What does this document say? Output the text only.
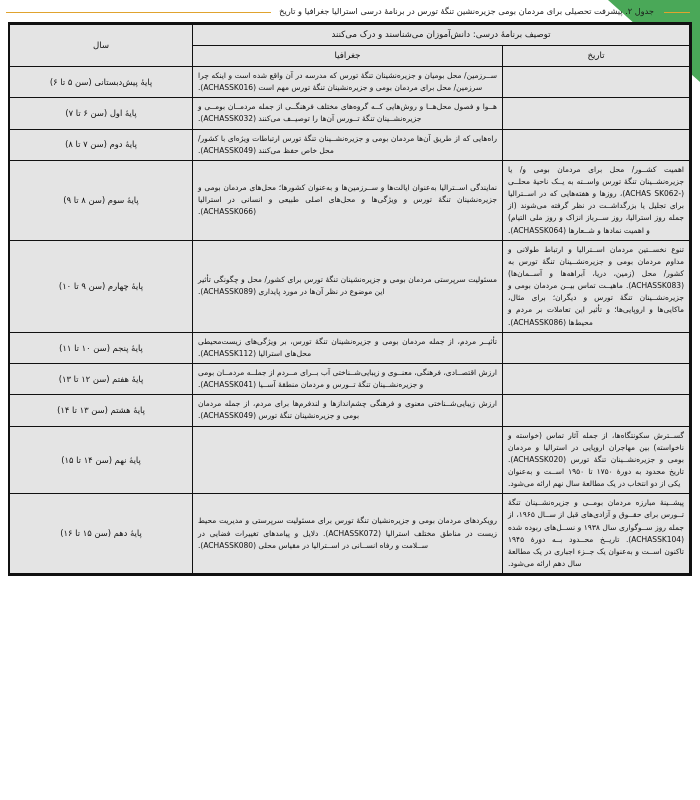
جدول ۲. پیشرفت تحصیلی برای مردمان بومی جزیره‌نشین تنگۀ تورس در برنامۀ درسی استرالیا جغرافیا و تاریخ
توصیف برنامۀ درسی: دانش‌آموزان می‌شناسند و درک می‌کنند		سال
تاریخ	جغرافیا	
	ســرزمین/ محل بومیان و جزیره‌نشینان تنگۀ تورس که مدرسه در آن واقع شده است و اینکه چرا سرزمین/ محل برای مردمان بومی و جزیره‌نشینان تنگۀ تورس مهم است (ACHASSK016).	پایۀ پیش‌دبستانی (سن ۵ تا ۶)
	هــوا و فصول محل‌هــا و روش‌هایی کــه گروه‌های مختلف فرهنگــی از جمله مردمــان بومــی و جزیره‌نشــینان تنگۀ تــورس آن‌ها را توصیــف می‌کنند (ACHASSK032).	پایۀ اول (سن ۶ تا ۷)
	راه‌هایی که از طریق آن‌ها مردمان بومی و جزیره‌نشــینان تنگۀ تورس ارتباطات ویژه‌ای با کشور/ محل خاص حفظ می‌کنند (ACHASSK049).	پایۀ دوم (سن ۷ تا ۸)
اهمیت کشــور/ محل برای مردمان بومی و/ یا جزیره‌نشــینان تنگۀ تورس واســته به یــک ناحیۀ محلــی (-ACHAS SK062)، روزها و هفته‌هایی که در اســترالیا برای تجلیل یا بزرگداشــت در نظر گرفته می‌شوند (از جمله روز استرالیا، روز ســرباز انزاک و روز ملی التیام) و اهمیت نمادها و شــعارها (ACHASSK064).	نمایندگی اســترالیا به‌عنوان ایالت‌ها و ســرزمین‌ها و به‌عنوان کشورها؛ محل‌های مردمان بومی و جزیره‌نشینان تنگۀ تورس و ویژگی‌ها و محل‌های اصلی طبیعی و انسانی در استرالیا (ACHASSK066).	پایۀ سوم (سن ۸ تا ۹)
تنوع نخســتین مردمان اســترالیا و ارتباط طولانی و مداوم مردمان بومی و جزیره‌نشــینان تنگۀ تورس به کشور/ محل (زمین، دریا، آبراهه‌ها و آســمان‌ها) (ACHASSK083). ماهیــت تماس بیــن مردمان بومی و جزیره‌نشــینان تنگۀ تورس و دیگران؛ برای مثال، ماکایی‌ها و اروپایی‌ها؛ و تأثیر این تعاملات بر مردم و محیط‌ها (ACHASSK086).	مسئولیت سرپرستی مردمان بومی و جزیره‌نشینان تنگۀ تورس برای کشور/ محل و چگونگی تأثیر این موضوع در نظر آن‌ها در مورد پایداری (ACHASSK089).	پایۀ چهارم (سن ۹ تا ۱۰)
	تأثیــر مردم، از جمله مردمان بومی و جزیره‌نشینان تنگۀ تورس، بر ویژگی‌های زیست‌محیطی محل‌های استرالیا (ACHASSK112).	پایۀ پنجم (سن ۱۰ تا ۱۱)
	ارزش اقتصــادی، فرهنگی، معنــوی و زیبایی‌شــناختی آب بــرای مــردم از جملــه مردمــان بومی و جزیره‌نشــینان تنگۀ تــورس و مردمان منطقۀ آســیا (ACHASSK041).	پایۀ هفتم (سن ۱۲ تا ۱۳)
	ارزش زیبایی‌شــناختی معنوی و فرهنگی چشم‌اندازها و لندفرم‌ها برای مردم، از جمله مردمان بومی و جزیره‌نشینان تنگۀ تورس (ACHASSK049).	پایۀ هشتم (سن ۱۳ تا ۱۴)
گســترش سکونتگاه‌ها، از جمله آثار تماس (خواسته و ناخواسته) بین مهاجران اروپایی در استرالیا و مردمان بومی و جزیره‌نشــینان تنگۀ تورس (ACHASSK020). تاریخ محدود به دورۀ ۱۷۵۰ تا ۱۹۵۰ اســت و به‌عنوان یکی از دو انتخاب در یک مطالعۀ سال نهم ارائه می‌شود.		پایۀ نهم (سن ۱۴ تا ۱۵)
پیشــینۀ مبارزه مردمان بومــی و جزیره‌نشــینان تنگۀ تــورس برای حقــوق و آزادی‌های قبل از ســال ۱۹۶۵، از جمله روز ســوگواری سال ۱۹۳۸ و نســل‌های ربوده شده (ACHASSK104). تاریــخ محــدود بــه دورۀ ۱۹۴۵ تاکنون اســت و به‌عنوان یک جــزء اجباری در یک مطالعۀ سال دهم ارائه می‌شود.	رویکردهای مردمان بومی و جزیره‌نشیان تنگۀ تورس برای مسئولیت سرپرستی و مدیریت محیط زیست در مناطق مختلف استرالیا (ACHASSK072). دلایل و پیامدهای تغییرات فضایی در ســلامت و رفاه انســانی در اســترالیا در مقیاس محلی (ACHASSK080).	پایۀ دهم (سن ۱۵ تا ۱۶)
